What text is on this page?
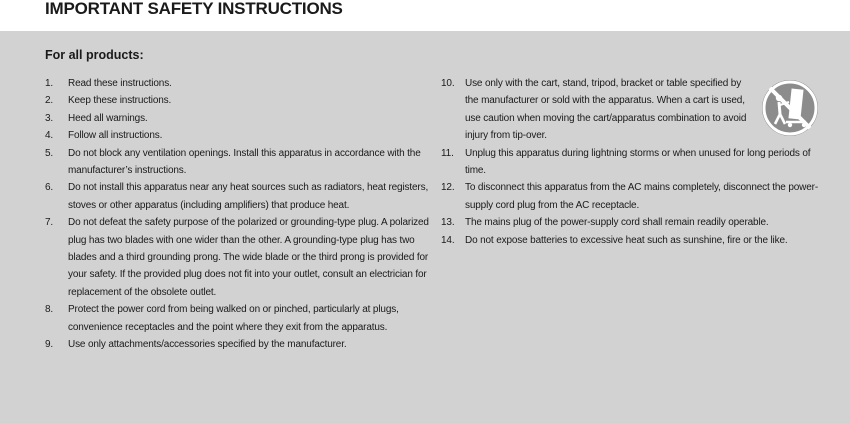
IMPORTANT SAFETY INSTRUCTIONS
For all products:
1.	Read these instructions.
2.	Keep these instructions.
3.	Heed all warnings.
4.	Follow all instructions.
5.	Do not block any ventilation openings. Install this apparatus in accordance with the manufacturer’s instructions.
6.	Do not install this apparatus near any heat sources such as radiators, heat registers, stoves or other apparatus (including amplifiers) that produce heat.
7.	Do not defeat the safety purpose of the polarized or grounding-type plug. A polarized plug has two blades with one wider than the other. A grounding-type plug has two blades and a third grounding prong. The wide blade or the third prong is provided for your safety. If the provided plug does not fit into your outlet, consult an electrician for replacement of the obsolete outlet.
8.	Protect the power cord from being walked on or pinched, particularly at plugs, convenience receptacles and the point where they exit from the apparatus.
9.	Use only attachments/accessories specified by the manufacturer.
10.	Use only with the cart, stand, tripod, bracket or table specified by the manufacturer or sold with the apparatus. When a cart is used, use caution when moving the cart/apparatus combination to avoid injury from tip-over.
11.	Unplug this apparatus during lightning storms or when unused for long periods of time.
12.	To disconnect this apparatus from the AC mains completely, disconnect the power-supply cord plug from the AC receptacle.
13.	The mains plug of the power-supply cord shall remain readily operable.
14.	Do not expose batteries to excessive heat such as sunshine, fire or the like.
